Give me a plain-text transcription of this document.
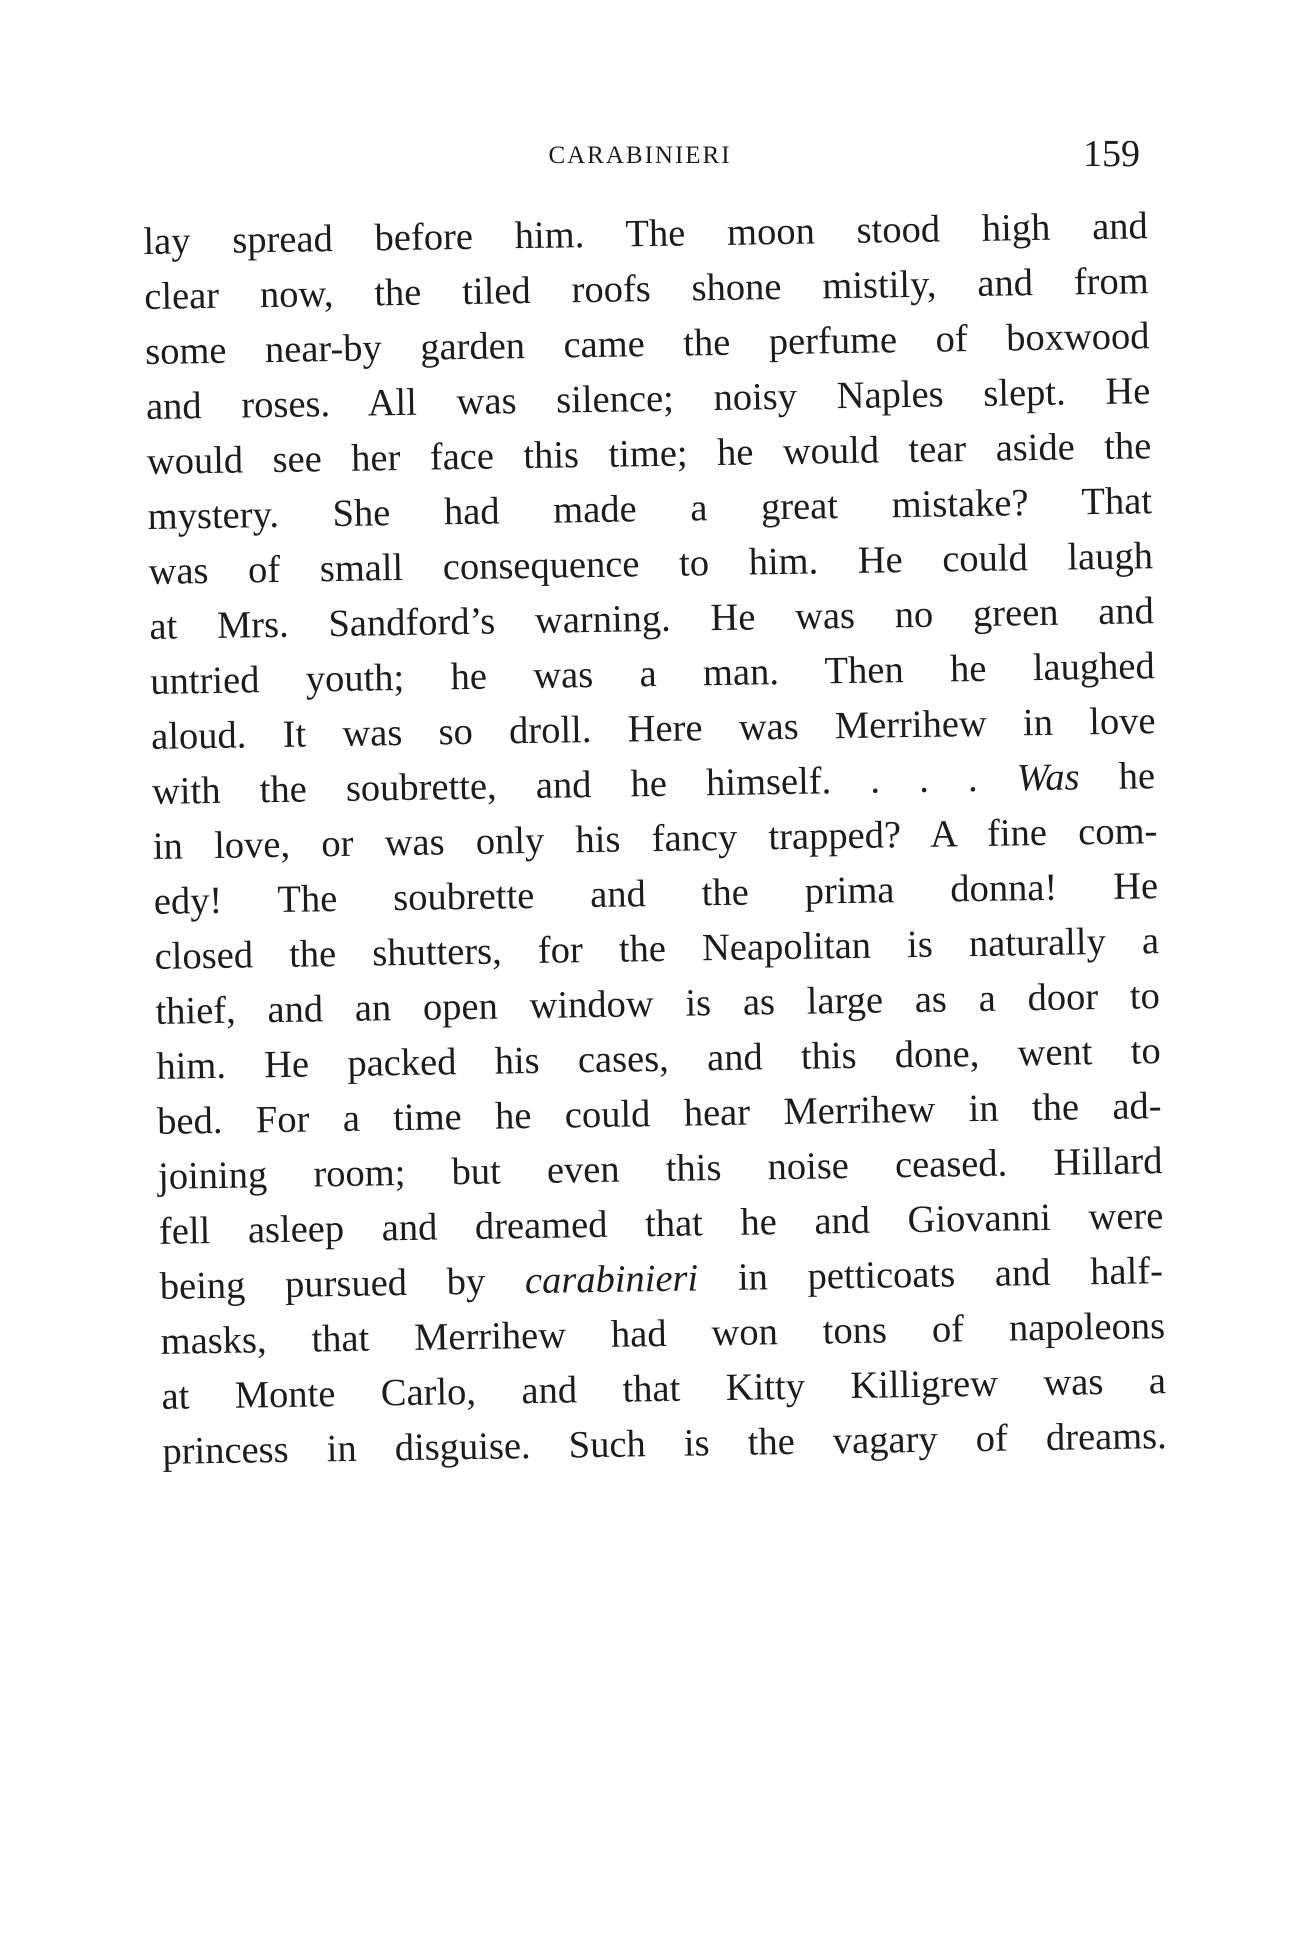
CARABINIERI	159
lay spread before him. The moon stood high and
clear now, the tiled roofs shone mistily, and from
some near-by garden came the perfume of boxwood
and roses. All was silence; noisy Naples slept. He
would see her face this time; he would tear aside the
mystery. She had made a great mistake? That
was of small consequence to him. He could laugh
at Mrs. Sandford’s warning. He was no green and
untried youth; he was a man. Then he laughed
aloud. It was so droll. Here was Merrihew in love
with the soubrette, and he himself. . . . Was he
in love, or was only his fancy trapped? A fine com-
edy! The soubrette and the prima donna! He
closed the shutters, for the Neapolitan is naturally a
thief, and an open window is as large as a door to
him. He packed his cases, and this done, went to
bed. For a time he could hear Merrihew in the ad-
joining room; but even this noise ceased. Hillard
fell asleep and dreamed that he and Giovanni were
being pursued by carabinieri in petticoats and half-
masks, that Merrihew had won tons of napoleons
at Monte Carlo, and that Kitty Killigrew was a
princess in disguise. Such is the vagary of dreams.
